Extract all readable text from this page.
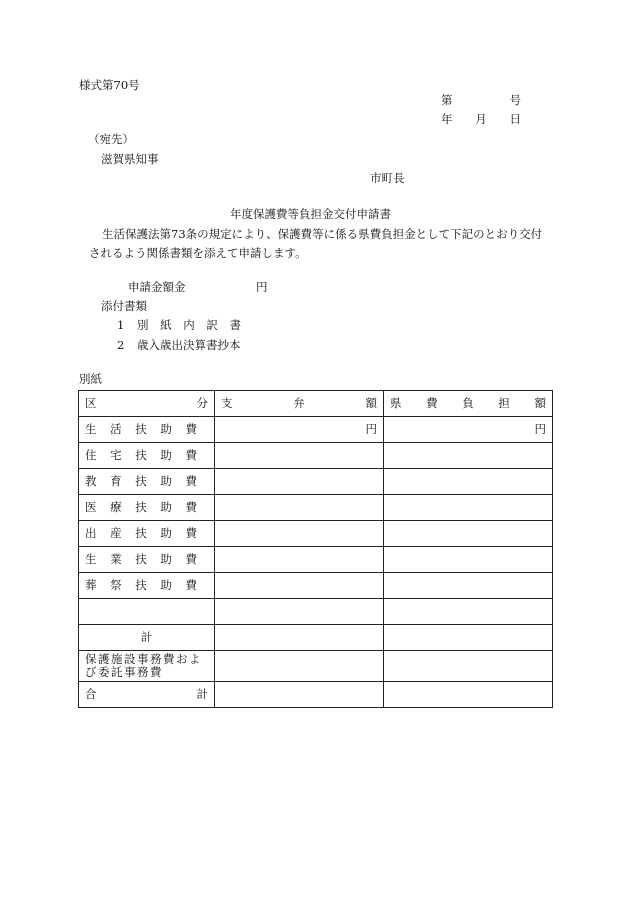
様式第70号
第	号
年 月 日
（宛先）
滋賀県知事
市町長
年度保護費等負担金交付申請書
生活保護法第73条の規定により、保護費等に係る県費負担金として下記のとおり交付
されるよう関係書類を添えて申請します。
申請金額金	円
添付書類
1 別 紙 内 訳 書
2 歳入歳出決算書抄本
別紙
区 分	支 弁 額	県 費 負 担 額

生 活 扶 助 費	円	円

住 宅 扶 助 費		

教 育 扶 助 費		

医 療 扶 助 費		

出 産 扶 助 費		

生 業 扶 助 費		

葬 祭 扶 助 費		

計		
保護施設事務費および委託事務費		

合 計		
